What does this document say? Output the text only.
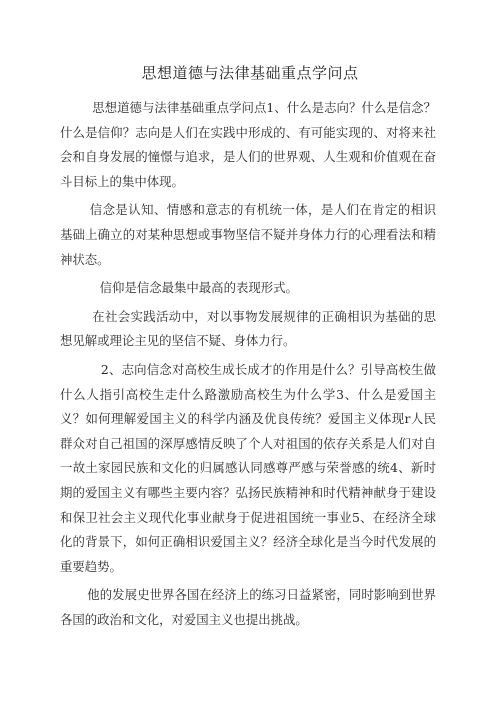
思想道德与法律基础重点学问点

思想道德与法律基础重点学问点1、什么是志向？什么是信念？什么是信仰？志向是人们在实践中形成的、有可能实现的、对将来社会和自身发展的憧憬与追求，是人们的世界观、人生观和价值观在奋斗目标上的集中体现。

信念是认知、情感和意志的有机统一体，是人们在肯定的相识基础上确立的对某种思想或事物坚信不疑并身体力行的心理看法和精神状态。

信仰是信念最集中最高的表现形式。

在社会实践活动中，对以事物发展规律的正确相识为基础的思想见解或理论主见的坚信不疑、身体力行。

2、志向信念对高校生成长成才的作用是什么？引导高校生做什么人指引高校生走什么路激励高校生为什么学3、什么是爱国主义？如何理解爱国主义的科学内涵及优良传统？爱国主义体现r人民群众对自己祖国的深厚感情反映了个人对祖国的依存关系是人们对自一故土家园民族和文化的归属感认同感尊严感与荣誉感的统4、新时期的爱国主义有哪些主要内容？弘扬民族精神和时代精神献身于建设和保卫社会主义现代化事业献身于促进祖国统一事业5、在经济全球化的背景下，如何正确相识爱国主义？经济全球化是当今时代发展的重要趋势。

他的发展史世界各国在经济上的练习日益紧密，同时影响到世界各国的政治和文化，对爱国主义也提出挑战。
